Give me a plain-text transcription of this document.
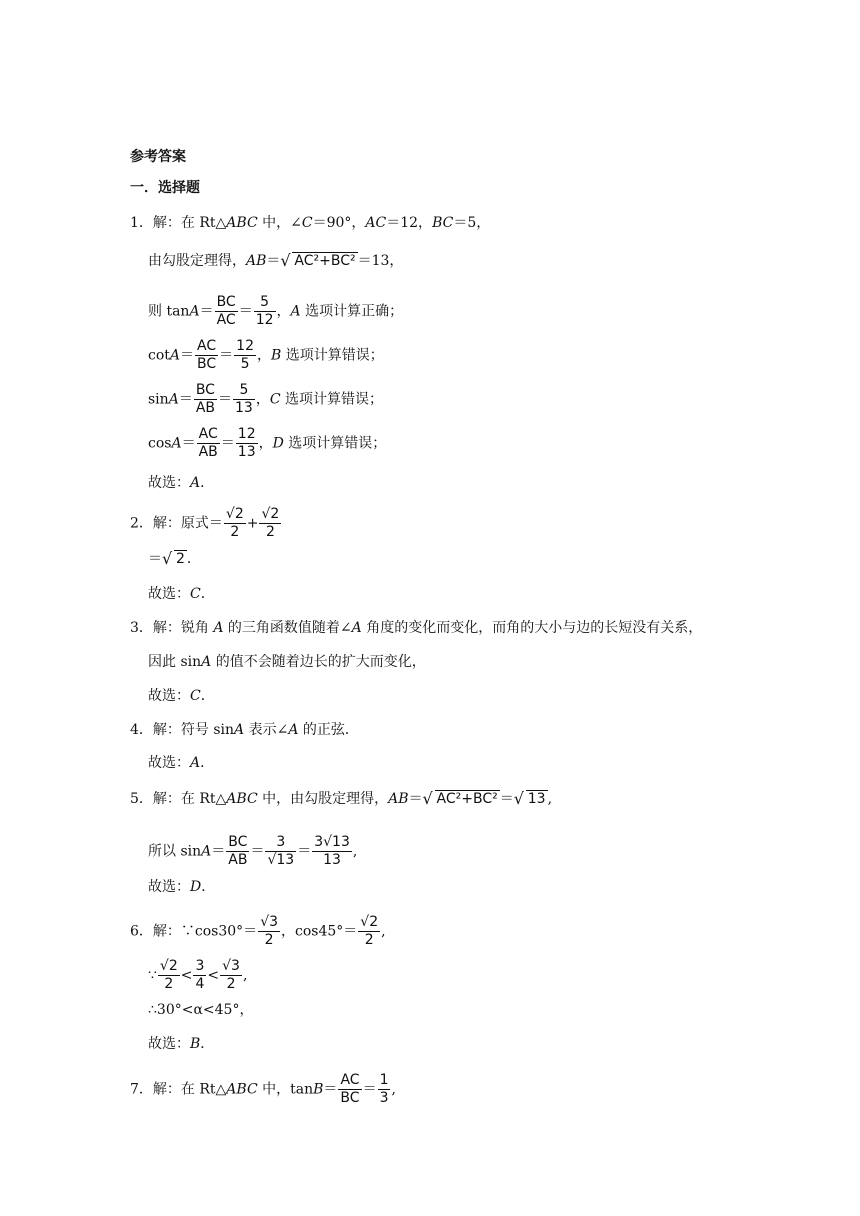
参考答案
一．选择题
1．解：在 Rt△ABC 中，∠C＝90°，AC＝12，BC＝5，
由勾股定理得，AB＝ √ AC²+BC² ＝13，
则 $\tan A= \frac{BC}{AC} = \frac{5}{12}$ ，A 选项计算正确；
$\cot A= \frac{AC}{BC} = \frac{12}{5}$ ，B 选项计算错误；
$\sin A= \frac{BC}{AB} = \frac{5}{13}$ ，C 选项计算错误；
$\cos A= \frac{AC}{AB} = \frac{12}{13}$ ，D 选项计算错误；
故选：A．
2．解：原式＝ $\frac{√2}{2} + \frac{√2}{2}$
＝ √ 2 ．
故选：C．
3．解：锐角 A 的三角函数值随着∠A 角度的变化而变化，而角的大小与边的长短没有关系，
因此 sinA 的值不会随着边长的扩大而变化，
故选：C．
4．解：符号 sinA 表示∠A 的正弦．
故选：A．
5．解：在 Rt△ABC 中，由勾股定理得，AB＝ √ AC²+BC² ＝ √ 13 ,
所以 $\sin A= \frac{BC}{AB} = \frac{3}{√13} = \frac{3√13}{13}$ ,
故选：D．
6．解：∵cos30°＝ $\frac{√3}{2}$ ，$\cos 45^\circ= \frac{√2}{2}$ ,
∵ $\frac{√2}{2} < \frac{3}{4} < \frac{√3}{2}$ ,
∴30°<α<45°，
故选：B．
7．解：在 Rt△ABC 中，$\tan B= \frac{AC}{BC} = \frac{1}{3}$ ,
